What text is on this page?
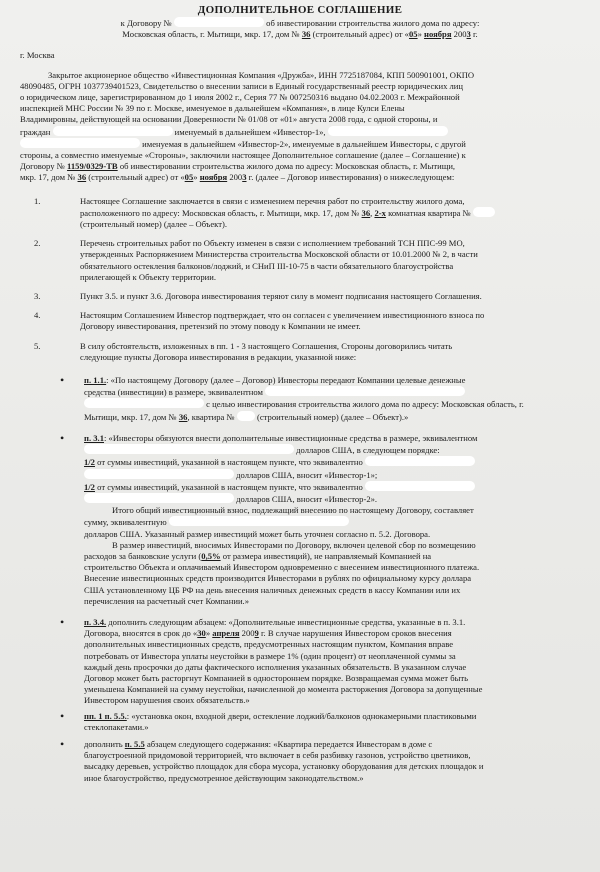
ДОПОЛНИТЕЛЬНОЕ СОГЛАШЕНИЕ
к Договору №	об инвестировании строительства жилого дома по адресу:
Московская область, г. Мытищи, мкр. 17, дом № 36 (строительный адрес) от «05» ноября 2003 г.
г. Москва
Закрытое акционерное общество «Инвестиционная Компания «Дружба», ИНН 7725187084, КПП 500901001, ОКПО
48090485, ОГРН 1037739401523, Свидетельство о внесении записи в Единый государственный реестр юридических лиц
о юридическом лице, зарегистрированном до 1 июля 2002 г., Серия 77 № 007250316 выдано 04.02.2003 г. Межрайонной
инспекцией МНС России № 39 по г. Москве, именуемое в дальнейшем «Компания», в лице Кулси Елены
Владимировны, действующей на основании Доверенности № 01/08 от «01» августа 2008 года, с одной стороны, и
граждан	именуемый в дальнейшем «Инвестор-1»,
именуемая в дальнейшем «Инвестор-2», именуемые в дальнейшем Инвесторы, с другой
стороны, а совместно именуемые «Стороны», заключили настоящее Дополнительное соглашение (далее – Соглашение) к
Договору № 1159/0329-ТВ об инвестировании строительства жилого дома по адресу: Московская область, г. Мытищи,
мкр. 17, дом № 36 (строительный адрес) от «05» ноября 2003 г. (далее – Договор инвестирования) о нижеследующем:
1.	Настоящее Соглашение заключается в связи с изменением перечня работ по строительству жилого дома,
расположенного по адресу: Московская область, г. Мытищи, мкр. 17, дом № 36, 2-х комнатная квартира №
(строительный номер) (далее – Объект).
2.	Перечень строительных работ по Объекту изменен в связи с исполнением требований ТСН ППС-99 МО,
утвержденных Распоряжением Министерства строительства Московской области от 10.01.2000 № 2, в части
обязательного остекления балконов/лоджий, и СНиП III-10-75 в части обязательного благоустройства
прилегающей к Объекту территории.
3.	Пункт 3.5. и пункт 3.6. Договора инвестирования теряют силу в момент подписания настоящего Соглашения.
4.	Настоящим Соглашением Инвестор подтверждает, что он согласен с увеличением инвестиционного взноса по
Договору инвестирования, претензий по этому поводу к Компании не имеет.
5.	В силу обстоятельств, изложенных в пп. 1 - 3 настоящего Соглашения, Стороны договорились читать
следующие пункты Договора инвестирования в редакции, указанной ниже:
• п. 1.1.: «По настоящему Договору (далее – Договор) Инвесторы передают Компании целевые денежные
средства (инвестиции) в размере, эквивалентном
с целью инвестирования строительства жилого дома по адресу: Московская область, г.
Мытищи, мкр. 17, дом № 36, квартира №	(строительный номер) (далее – Объект).»
• п. 3.1: «Инвесторы обязуются внести дополнительные инвестиционные средства в размере, эквивалентном
долларов США, в следующем порядке:
1/2 от суммы инвестиций, указанной в настоящем пункте, что эквивалентно
долларов США, вносит «Инвестор-1»;
1/2 от суммы инвестиций, указанной в настоящем пункте, что эквивалентно
долларов США, вносит «Инвестор-2».
Итого общий инвестиционный взнос, подлежащий внесению по настоящему Договору, составляет
сумму, эквивалентную
долларов США. Указанный размер инвестиций может быть уточнен согласно п. 5.2. Договора.
В размер инвестиций, вносимых Инвесторами по Договору, включен целевой сбор по возмещению
расходов за банковские услуги (0,5% от размера инвестиций), не направляемый Компанией на
строительство Объекта и оплачиваемый Инвестором одновременно с внесением инвестиционного платежа.
Внесение инвестиционных средств производится Инвесторами в рублях по официальному курсу доллара
США установленному ЦБ РФ на день внесения наличных денежных средств в кассу Компании или их
перечисления на расчетный счет Компании.»
• п. 3.4. дополнить следующим абзацем: «Дополнительные инвестиционные средства, указанные в п. 3.1.
Договора, вносятся в срок до «30» апреля 2009 г. В случае нарушения Инвестором сроков внесения
дополнительных инвестиционных средств, предусмотренных настоящим пунктом, Компания вправе
потребовать от Инвестора уплаты неустойки в размере 1% (один процент) от неоплаченной суммы за
каждый день просрочки до даты фактического исполнения указанных обязательств. В указанном случае
Договор может быть расторгнут Компанией в одностороннем порядке. Возвращаемая сумма может быть
уменьшена Компанией на сумму неустойки, начисленной до момента расторжения Договора за допущенные
Инвестором нарушения своих обязательств.»
• пп. 1 п. 5.5.: «установка окон, входной двери, остекление лоджий/балконов однокамерными пластиковыми
стеклопакетами.»
• дополнить п. 5.5 абзацем следующего содержания: «Квартира передается Инвесторам в доме с
благоустроенной придомовой территорией, что включает в себя разбивку газонов, устройство цветников,
высадку деревьев, устройство площадок для сбора мусора, установку оборудования для детских площадок и
иное благоустройство, предусмотренное действующим законодательством.»
